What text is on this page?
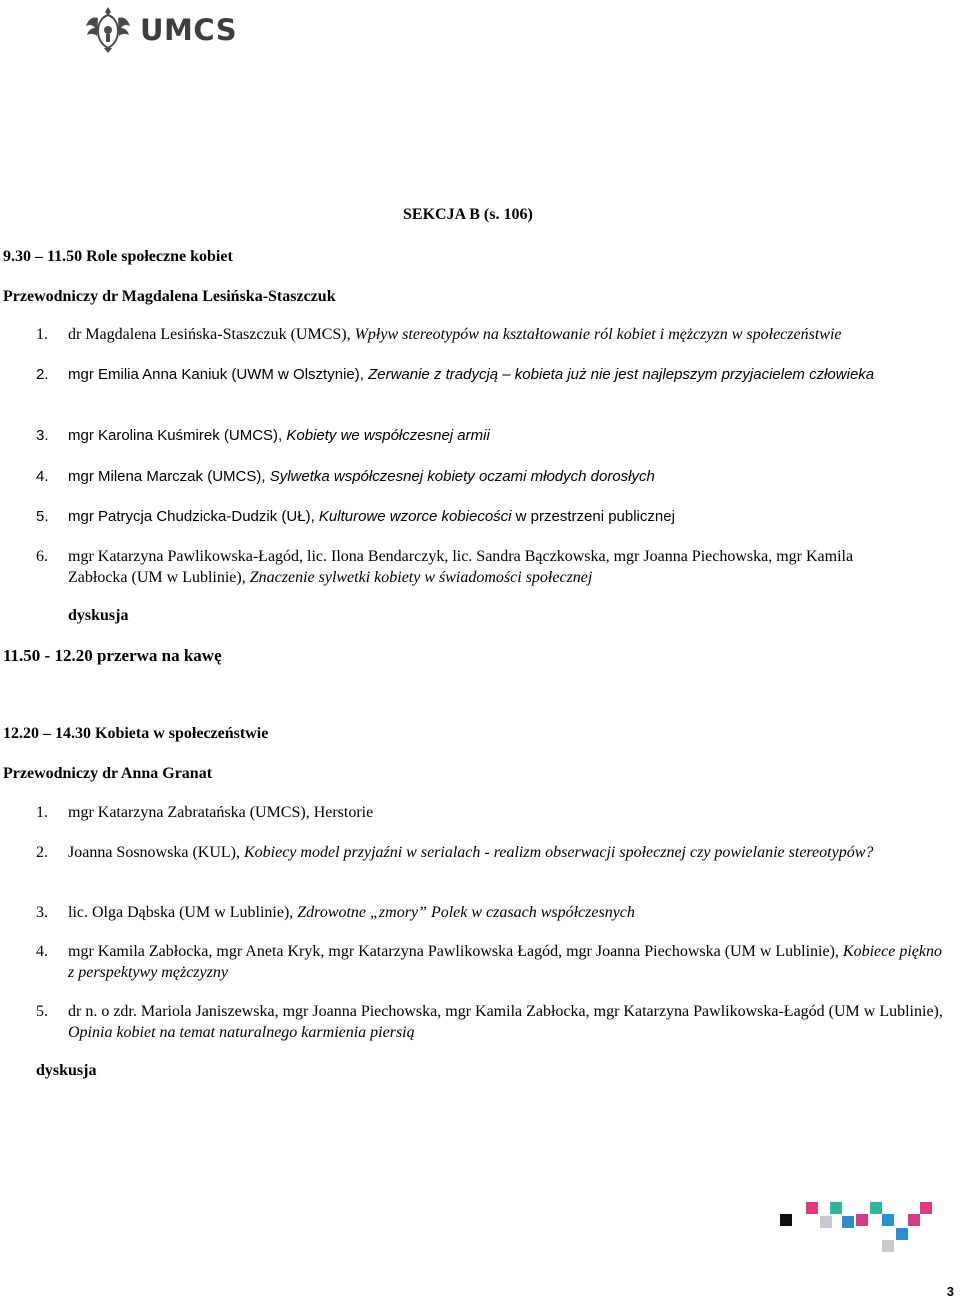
UMCS
SEKCJA B (s. 106)
9.30 – 11.50 Role społeczne kobiet
Przewodniczy dr Magdalena Lesińska-Staszczuk
1. dr Magdalena Lesińska-Staszczuk (UMCS), Wpływ stereotypów na kształtowanie ról kobiet i mężczyzn w społeczeństwie
2. mgr Emilia Anna Kaniuk (UWM w Olsztynie), Zerwanie z tradycją – kobieta już nie jest najlepszym przyjacielem człowieka
3. mgr Karolina Kuśmirek (UMCS), Kobiety we współczesnej armii
4. mgr Milena Marczak (UMCS), Sylwetka współczesnej kobiety oczami młodych dorosłych
5. mgr Patrycja Chudzicka-Dudzik (UŁ), Kulturowe wzorce kobiecości w przestrzeni publicznej
6. mgr Katarzyna Pawlikowska-Łagód, lic. Ilona Bendarczyk, lic. Sandra Bączkowska, mgr Joanna Piechowska, mgr Kamila Zabłocka (UM w Lublinie), Znaczenie sylwetki kobiety w świadomości społecznej
dyskusja
11.50 - 12.20 przerwa na kawę
12.20 – 14.30 Kobieta w społeczeństwie
Przewodniczy dr Anna Granat
1. mgr Katarzyna Zabratańska (UMCS), Herstorie
2. Joanna Sosnowska (KUL), Kobiecy model przyjaźni w serialach - realizm obserwacji społecznej czy powielanie stereotypów?
3. lic. Olga Dąbska (UM w Lublinie), Zdrowotne „zmory” Polek w czasach współczesnych
4. mgr Kamila Zabłocka, mgr Aneta Kryk, mgr Katarzyna Pawlikowska Łagód, mgr Joanna Piechowska (UM w Lublinie), Kobiece piękno z perspektywy mężczyzny
5. dr n. o zdr. Mariola Janiszewska, mgr Joanna Piechowska, mgr Kamila Zabłocka, mgr Katarzyna Pawlikowska-Łagód (UM w Lublinie), Opinia kobiet na temat naturalnego karmienia piersią
dyskusja
3
